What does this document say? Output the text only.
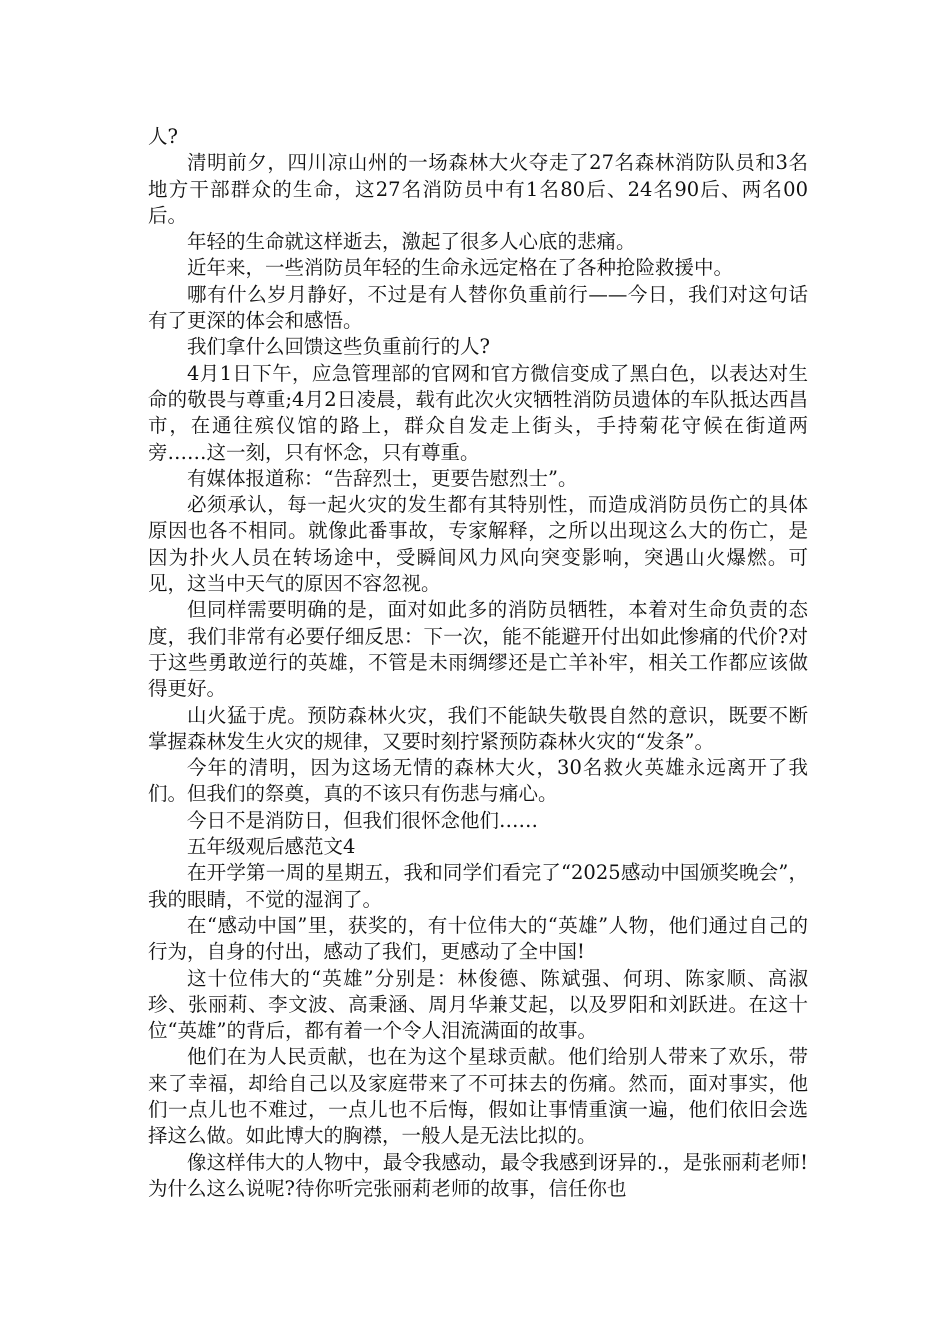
人?

清明前夕，四川凉山州的一场森林大火夺走了27名森林消防队员和3名地方干部群众的生命，这27名消防员中有1名80后、24名90后、两名00后。

年轻的生命就这样逝去，激起了很多人心底的悲痛。

近年来，一些消防员年轻的生命永远定格在了各种抢险救援中。

哪有什么岁月静好，不过是有人替你负重前行——今日，我们对这句话有了更深的体会和感悟。

我们拿什么回馈这些负重前行的人?

4月1日下午，应急管理部的官网和官方微信变成了黑白色，以表达对生命的敬畏与尊重;4月2日凌晨，载有此次火灾牺牲消防员遗体的车队抵达西昌市，在通往殡仪馆的路上，群众自发走上街头，手持菊花守候在街道两旁……这一刻，只有怀念，只有尊重。

有媒体报道称：“告辞烈士，更要告慰烈士”。

必须承认，每一起火灾的发生都有其特别性，而造成消防员伤亡的具体原因也各不相同。就像此番事故，专家解释，之所以出现这么大的伤亡，是因为扑火人员在转场途中，受瞬间风力风向突变影响，突遇山火爆燃。可见，这当中天气的原因不容忽视。

但同样需要明确的是，面对如此多的消防员牺牲，本着对生命负责的态度，我们非常有必要仔细反思：下一次，能不能避开付出如此惨痛的代价?对于这些勇敢逆行的英雄，不管是未雨绸缪还是亡羊补牢，相关工作都应该做得更好。

山火猛于虎。预防森林火灾，我们不能缺失敬畏自然的意识，既要不断掌握森林发生火灾的规律，又要时刻拧紧预防森林火灾的“发条”。

今年的清明，因为这场无情的森林大火，30名救火英雄永远离开了我们。但我们的祭奠，真的不该只有伤悲与痛心。

今日不是消防日，但我们很怀念他们……

五年级观后感范文4

在开学第一周的星期五，我和同学们看完了“2025感动中国颁奖晚会”，我的眼睛，不觉的湿润了。

在“感动中国”里，获奖的，有十位伟大的“英雄”人物，他们通过自己的行为，自身的付出，感动了我们，更感动了全中国!

这十位伟大的“英雄”分别是：林俊德、陈斌强、何玥、陈家顺、高淑珍、张丽莉、李文波、高秉涵、周月华兼艾起，以及罗阳和刘跃进。在这十位“英雄”的背后，都有着一个令人泪流满面的故事。

他们在为人民贡献，也在为这个星球贡献。他们给别人带来了欢乐，带来了幸福，却给自己以及家庭带来了不可抹去的伤痛。然而，面对事实，他们一点儿也不难过，一点儿也不后悔，假如让事情重演一遍，他们依旧会选择这么做。如此博大的胸襟，一般人是无法比拟的。

像这样伟大的人物中，最令我感动，最令我感到讶异的.，是张丽莉老师!为什么这么说呢?待你听完张丽莉老师的故事，信任你也
